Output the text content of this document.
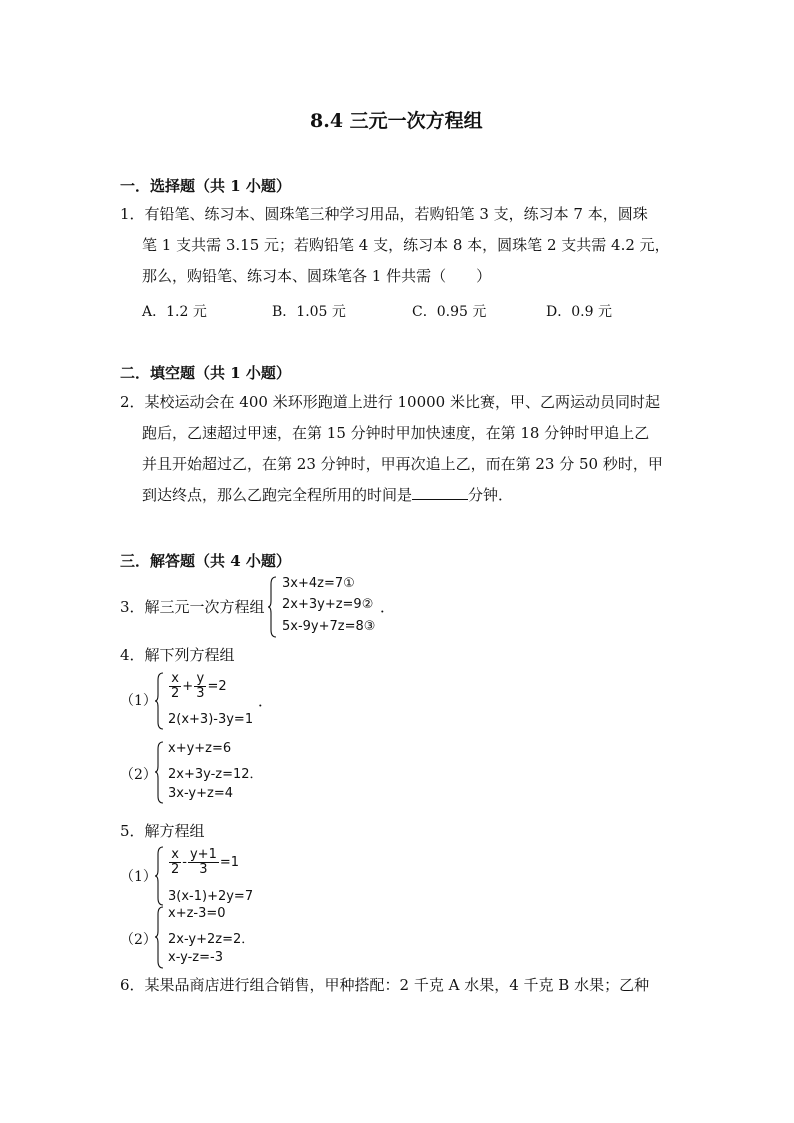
8.4 三元一次方程组
一．选择题（共 1 小题）
1．有铅笔、练习本、圆珠笔三种学习用品，若购铅笔 3 支，练习本 7 本，圆珠
笔 1 支共需 3.15 元；若购铅笔 4 支，练习本 8 本，圆珠笔 2 支共需 4.2 元，
那么，购铅笔、练习本、圆珠笔各 1 件共需（　　）
A．1.2 元	B．1.05 元	C．0.95 元	D．0.9 元
二．填空题（共 1 小题）
2．某校运动会在 400 米环形跑道上进行 10000 米比赛，甲、乙两运动员同时起
跑后，乙速超过甲速，在第 15 分钟时甲加快速度，在第 18 分钟时甲追上乙
并且开始超过乙，在第 23 分钟时，甲再次追上乙，而在第 23 分 50 秒时，甲
到达终点，那么乙跑完全程所用的时间是	分钟．
三．解答题（共 4 小题）
3．解三元一次方程组
3x+4z=7①
2x+3y+z=9②
5x-9y+7z=8③
．
4．解下列方程组
$(1) \frac{x}{2} + \frac{y}{3} =2$
2(x+3)-3y=1
．
（2）
x+y+z=6
2x+3y-z=12．
3x-y+z=4
5．解方程组
$(1) \frac{x}{2} - \frac{y+1}{3} =1$
3(x-1)+2y=7
（2）
x+z-3=0
2x-y+2z=2．
x-y-z=-3
6．某果品商店进行组合销售，甲种搭配：2 千克 A 水果，4 千克 B 水果；乙种
